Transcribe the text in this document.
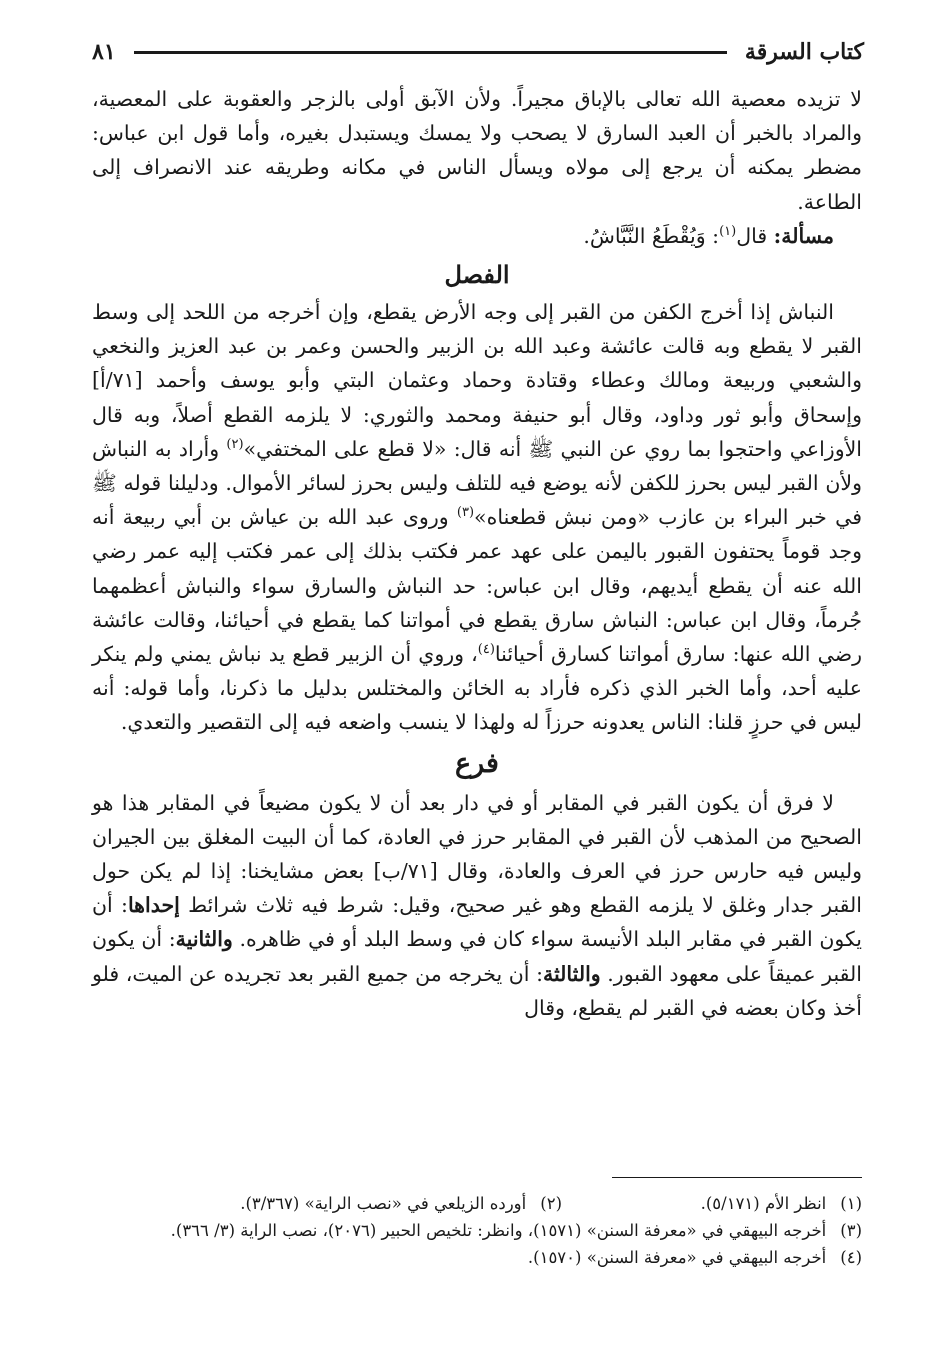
كتاب السرقة
٨١

لا تزيده معصية الله تعالى بالإباق مجيراً. ولأن الآبق أولى بالزجر والعقوبة على المعصية، والمراد بالخبر أن العبد السارق لا يصحب ولا يمسك ويستبدل بغيره، وأما قول ابن عباس: مضطر يمكنه أن يرجع إلى مولاه ويسأل الناس في مكانه وطريقه عند الانصراف إلى الطاعة.

مسألة: قال$^{(١)}$: وَيُقْطَعُ النَّبَّاشُ.

الفصل

النباش إذا أخرج الكفن من القبر إلى وجه الأرض يقطع، وإن أخرجه من اللحد إلى وسط القبر لا يقطع وبه قالت عائشة وعبد الله بن الزبير والحسن وعمر بن عبد العزيز والنخعي والشعبي وربيعة ومالك وعطاء وقتادة وحماد وعثمان البتي وأبو يوسف وأحمد [٧١/أ] وإسحاق وأبو ثور وداود، وقال أبو حنيفة ومحمد والثوري: لا يلزمه القطع أصلاً، وبه قال الأوزاعي واحتجوا بما روي عن النبي ﷺ أنه قال: «لا قطع على المختفي»$^{(٢)}$ وأراد به النباش ولأن القبر ليس بحرز للكفن لأنه يوضع فيه للتلف وليس بحرز لسائر الأموال. ودليلنا قوله ﷺ في خبر البراء بن عازب «ومن نبش قطعناه»$^{(٣)}$ وروى عبد الله بن عياش بن أبي ربيعة أنه وجد قوماً يحتفون القبور باليمن على عهد عمر فكتب بذلك إلى عمر فكتب إليه عمر رضي الله عنه أن يقطع أيديهم، وقال ابن عباس: حد النباش والسارق سواء والنباش أعظمهما جُرماً، وقال ابن عباس: النباش سارق يقطع في أمواتنا كما يقطع في أحيائنا، وقالت عائشة رضي الله عنها: سارق أمواتنا كسارق أحيائنا$^{(٤)}$، وروي أن الزبير قطع يد نباش يمني ولم ينكر عليه أحد، وأما الخبر الذي ذكره فأراد به الخائن والمختلس بدليل ما ذكرنا، وأما قوله: أنه ليس في حرزٍ قلنا: الناس يعدونه حرزاً له ولهذا لا ينسب واضعه فيه إلى التقصير والتعدي.

فرع

لا فرق أن يكون القبر في المقابر أو في دار بعد أن لا يكون مضيعاً في المقابر هذا هو الصحيح من المذهب لأن القبر في المقابر حرز في العادة، كما أن البيت المغلق بين الجيران وليس فيه حارس حرز في العرف والعادة، وقال [٧١/ب] بعض مشايخنا: إذا لم يكن حول القبر جدار وغلق لا يلزمه القطع وهو غير صحيح، وقيل: شرط فيه ثلاث شرائط إحداها: أن يكون القبر في مقابر البلد الأنيسة سواء كان في وسط البلد أو في ظاهره. والثانية: أن يكون القبر عميقاً على معهود القبور. والثالثة: أن يخرجه من جميع القبر بعد تجريده عن الميت، فلو أخذ وكان بعضه في القبر لم يقطع، وقال

(١)
انظر الأم (٥/١٧١).
(٢)
أورده الزيلعي في «نصب الراية» (٣/٣٦٧).
(٣)
أخرجه البيهقي في «معرفة السنن» (١٥٧١)، وانظر: تلخيص الحبير (٢٠٧٦)، نصب الراية (٣/ ٣٦٦).
(٤)
أخرجه البيهقي في «معرفة السنن» (١٥٧٠).
